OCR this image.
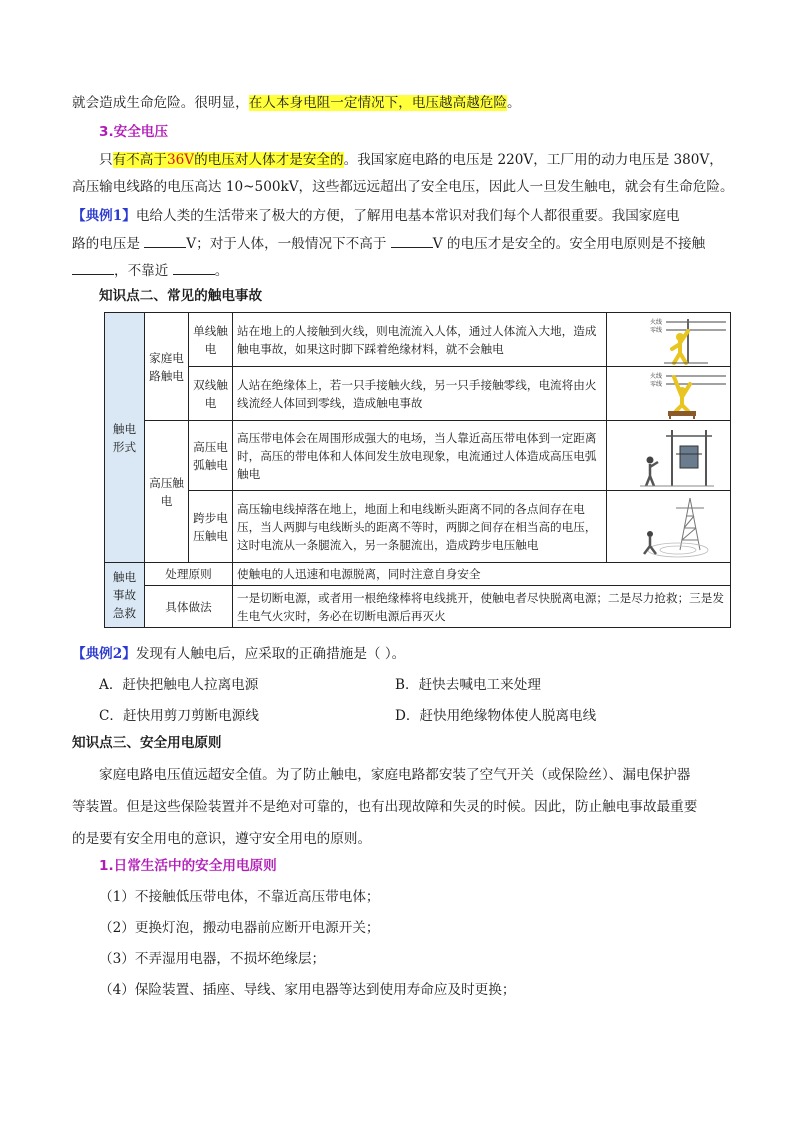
就会造成生命危险。很明显，在人本身电阻一定情况下，电压越高越危险。
3.安全电压
只有不高于36V的电压对人体才是安全的。我国家庭电路的电压是 220V，工厂用的动力电压是 380V，
高压输电线路的电压高达 10~500kV，这些都远远超出了安全电压，因此人一旦发生触电，就会有生命危险。
【典例1】电给人类的生活带来了极大的方便，了解用电基本常识对我们每个人都很重要。我国家庭电
路的电压是	V；对于人体，一般情况下不高于	V 的电压才是安全的。安全用电原则是不接触
，不靠近	。
知识点二、常见的触电事故
触电形式	家庭电路触电	单线触电	站在地上的人接触到火线，则电流流入人体，通过人体流入大地，造成触电事故，如果这时脚下踩着绝缘材料，就不会触电	火线
零线

		双线触电	人站在绝缘体上，若一只手接触火线，另一只手接触零线，电流将由火线流经人体回到零线，造成触电事故	火线
零线

	高压触电	高压电弧触电	高压带电体会在周围形成强大的电场，当人靠近高压带电体到一定距离时，高压的带电体和人体间发生放电现象，电流通过人体造成高压电弧触电	

		跨步电压触电	高压输电线掉落在地上，地面上和电线断头距离不同的各点间存在电压，当人两脚与电线断头的距离不等时，两脚之间存在相当高的电压，这时电流从一条腿流入，另一条腿流出，造成跨步电压触电	

触电事故急救	处理原则		使触电的人迅速和电源脱离，同时注意自身安全	
	具体做法		一是切断电源，或者用一根绝缘棒将电线挑开，使触电者尽快脱离电源；二是尽力抢救；三是发生电气火灾时，务必在切断电源后再灭火	
【典例2】发现有人触电后，应采取的正确措施是（ ）。
A．赶快把触电人拉离电源	B．赶快去喊电工来处理
C．赶快用剪刀剪断电源线	D．赶快用绝缘物体使人脱离电线
知识点三、安全用电原则
家庭电路电压值远超安全值。为了防止触电，家庭电路都安装了空气开关（或保险丝）、漏电保护器
等装置。但是这些保险装置并不是绝对可靠的，也有出现故障和失灵的时候。因此，防止触电事故最重要
的是要有安全用电的意识，遵守安全用电的原则。
1.日常生活中的安全用电原则
（1）不接触低压带电体，不靠近高压带电体；
（2）更换灯泡，搬动电器前应断开电源开关；
（3）不弄湿用电器，不损坏绝缘层；
（4）保险装置、插座、导线、家用电器等达到使用寿命应及时更换；
